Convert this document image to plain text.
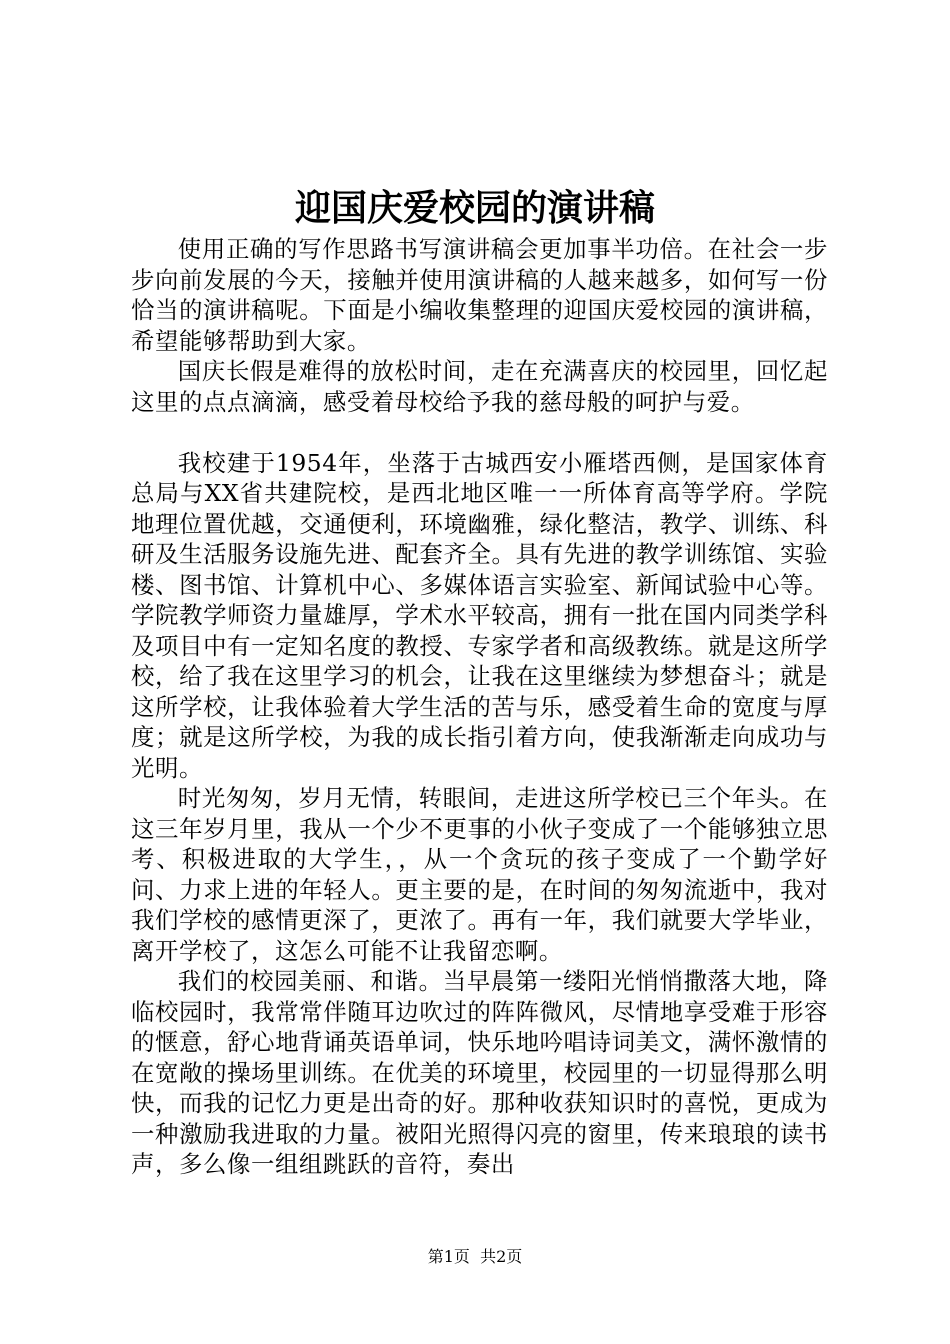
迎国庆爱校园的演讲稿

使用正确的写作思路书写演讲稿会更加事半功倍。在社会一步步向前发展的今天，接触并使用演讲稿的人越来越多，如何写一份恰当的演讲稿呢。下面是小编收集整理的迎国庆爱校园的演讲稿，希望能够帮助到大家。

国庆长假是难得的放松时间，走在充满喜庆的校园里，回忆起这里的点点滴滴，感受着母校给予我的慈母般的呵护与爱。

我校建于1954年，坐落于古城西安小雁塔西侧，是国家体育总局与XX省共建院校，是西北地区唯一一所体育高等学府。学院地理位置优越，交通便利，环境幽雅，绿化整洁，教学、训练、科研及生活服务设施先进、配套齐全。具有先进的教学训练馆、实验楼、图书馆、计算机中心、多媒体语言实验室、新闻试验中心等。学院教学师资力量雄厚，学术水平较高，拥有一批在国内同类学科及项目中有一定知名度的教授、专家学者和高级教练。就是这所学校，给了我在这里学习的机会，让我在这里继续为梦想奋斗；就是这所学校，让我体验着大学生活的苦与乐，感受着生命的宽度与厚度；就是这所学校，为我的成长指引着方向，使我渐渐走向成功与光明。

时光匆匆，岁月无情，转眼间，走进这所学校已三个年头。在这三年岁月里，我从一个少不更事的小伙子变成了一个能够独立思考、积极进取的大学生，，从一个贪玩的孩子变成了一个勤学好问、力求上进的年轻人。更主要的是，在时间的匆匆流逝中，我对我们学校的感情更深了，更浓了。再有一年，我们就要大学毕业，离开学校了，这怎么可能不让我留恋啊。

我们的校园美丽、和谐。当早晨第一缕阳光悄悄撒落大地，降临校园时，我常常伴随耳边吹过的阵阵微风，尽情地享受难于形容的惬意，舒心地背诵英语单词，快乐地吟唱诗词美文，满怀激情的在宽敞的操场里训练。在优美的环境里，校园里的一切显得那么明快，而我的记忆力更是出奇的好。那种收获知识时的喜悦，更成为一种激励我进取的力量。被阳光照得闪亮的窗里，传来琅琅的读书声，多么像一组组跳跃的音符，奏出

第1页 共2页
